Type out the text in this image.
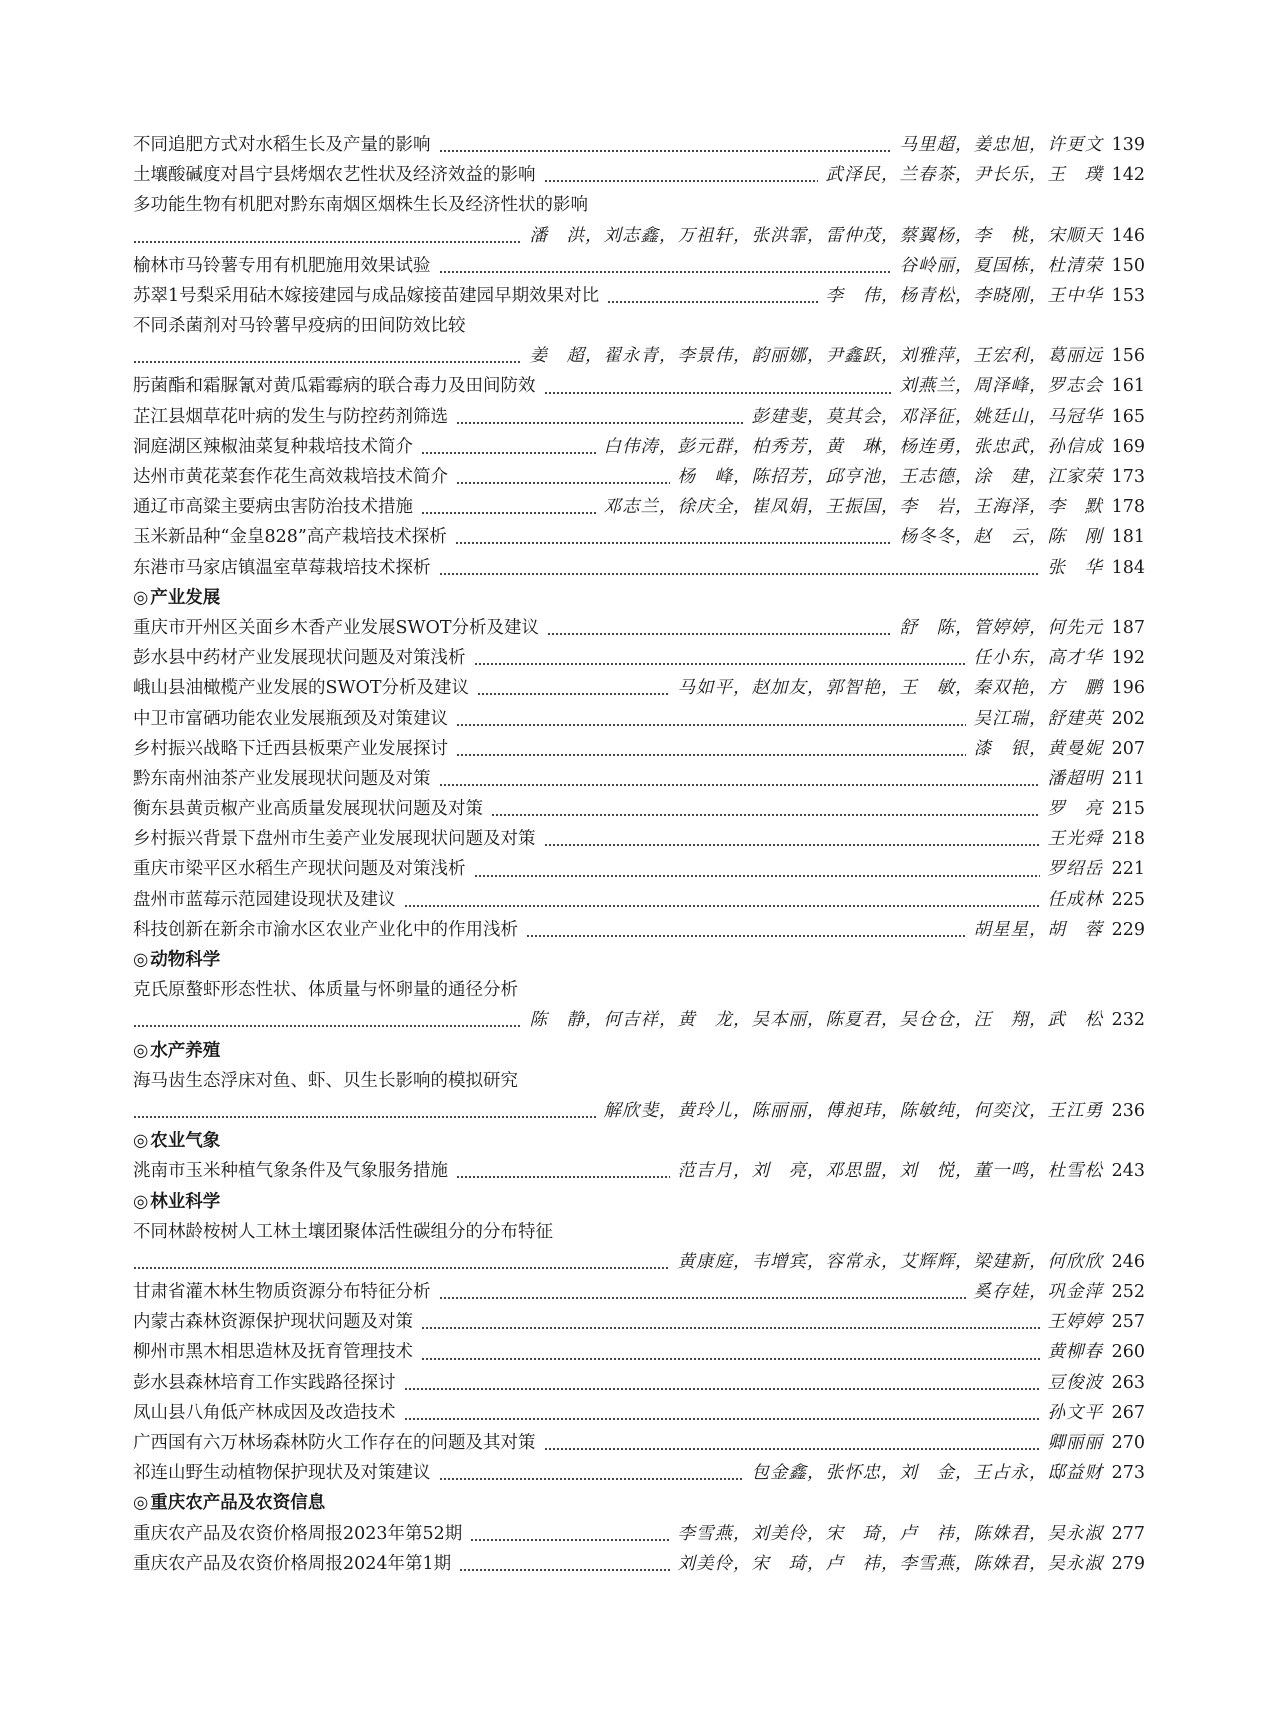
不同追肥方式对水稻生长及产量的影响	马里超，姜忠旭，许更文 139
土壤酸碱度对昌宁县烤烟农艺性状及经济效益的影响	武泽民，兰春茶，尹长乐，王　璞 142
多功能生物有机肥对黔东南烟区烟株生长及经济性状的影响
潘　洪，刘志鑫，万祖轩，张洪霏，雷仲茂，蔡翼杨，李　桃，宋顺天 146
榆林市马铃薯专用有机肥施用效果试验	谷岭丽，夏国栋，杜清荣 150
苏翠1号梨采用砧木嫁接建园与成品嫁接苗建园早期效果对比	李　伟，杨青松，李晓刚，王中华 153
不同杀菌剂对马铃薯早疫病的田间防效比较
姜　超，翟永青，李景伟，韵丽娜，尹鑫跃，刘雅萍，王宏利，葛丽远 156
肟菌酯和霜脲氰对黄瓜霜霉病的联合毒力及田间防效	刘燕兰，周泽峰，罗志会 161
芷江县烟草花叶病的发生与防控药剂筛选	彭建斐，莫其会，邓泽征，姚廷山，马冠华 165
洞庭湖区辣椒油菜复种栽培技术简介	白伟涛，彭元群，柏秀芳，黄　琳，杨连勇，张忠武，孙信成 169
达州市黄花菜套作花生高效栽培技术简介	杨　峰，陈招芳，邱亨池，王志德，涂　建，江家荣 173
通辽市高粱主要病虫害防治技术措施	邓志兰，徐庆全，崔凤娟，王振国，李　岩，王海泽，李　默 178
玉米新品种“金皇828”高产栽培技术探析	杨冬冬，赵　云，陈　刚 181
东港市马家店镇温室草莓栽培技术探析	张　华 184
◎ 产业发展
重庆市开州区关面乡木香产业发展SWOT分析及建议	舒　陈，管婷婷，何先元 187
彭水县中药材产业发展现状问题及对策浅析	任小东，高才华 192
峨山县油橄榄产业发展的SWOT分析及建议	马如平，赵加友，郭智艳，王　敏，秦双艳，方　鹏 196
中卫市富硒功能农业发展瓶颈及对策建议	吴江瑞，舒建英 202
乡村振兴战略下迁西县板栗产业发展探讨	漆　银，黄曼妮 207
黔东南州油茶产业发展现状问题及对策	潘超明 211
衡东县黄贡椒产业高质量发展现状问题及对策	罗　亮 215
乡村振兴背景下盘州市生姜产业发展现状问题及对策	王光舜 218
重庆市梁平区水稻生产现状问题及对策浅析	罗绍岳 221
盘州市蓝莓示范园建设现状及建议	任成林 225
科技创新在新余市渝水区农业产业化中的作用浅析	胡星星，胡　蓉 229
◎ 动物科学
克氏原螯虾形态性状、体质量与怀卵量的通径分析
陈　静，何吉祥，黄　龙，吴本丽，陈夏君，吴仓仓，汪　翔，武　松 232
◎ 水产养殖
海马齿生态浮床对鱼、虾、贝生长影响的模拟研究
解欣斐，黄玲儿，陈丽丽，傅昶玮，陈敏纯，何奕汶，王江勇 236
◎ 农业气象
洮南市玉米种植气象条件及气象服务措施	范吉月，刘　亮，邓思盟，刘　悦，董一鸣，杜雪松 243
◎ 林业科学
不同林龄桉树人工林土壤团聚体活性碳组分的分布特征
黄康庭，韦增宾，容常永，艾辉辉，梁建新，何欣欣 246
甘肃省灌木林生物质资源分布特征分析	奚存娃，巩金萍 252
内蒙古森林资源保护现状问题及对策	王婷婷 257
柳州市黑木相思造林及抚育管理技术	黄柳春 260
彭水县森林培育工作实践路径探讨	豆俊波 263
凤山县八角低产林成因及改造技术	孙文平 267
广西国有六万林场森林防火工作存在的问题及其对策	卿丽丽 270
祁连山野生动植物保护现状及对策建议	包金鑫，张怀忠，刘　金，王占永，邸益财 273
◎ 重庆农产品及农资信息
重庆农产品及农资价格周报2023年第52期	李雪燕，刘美伶，宋　琦，卢　祎，陈姝君，吴永淑 277
重庆农产品及农资价格周报2024年第1期	刘美伶，宋　琦，卢　祎，李雪燕，陈姝君，吴永淑 279
